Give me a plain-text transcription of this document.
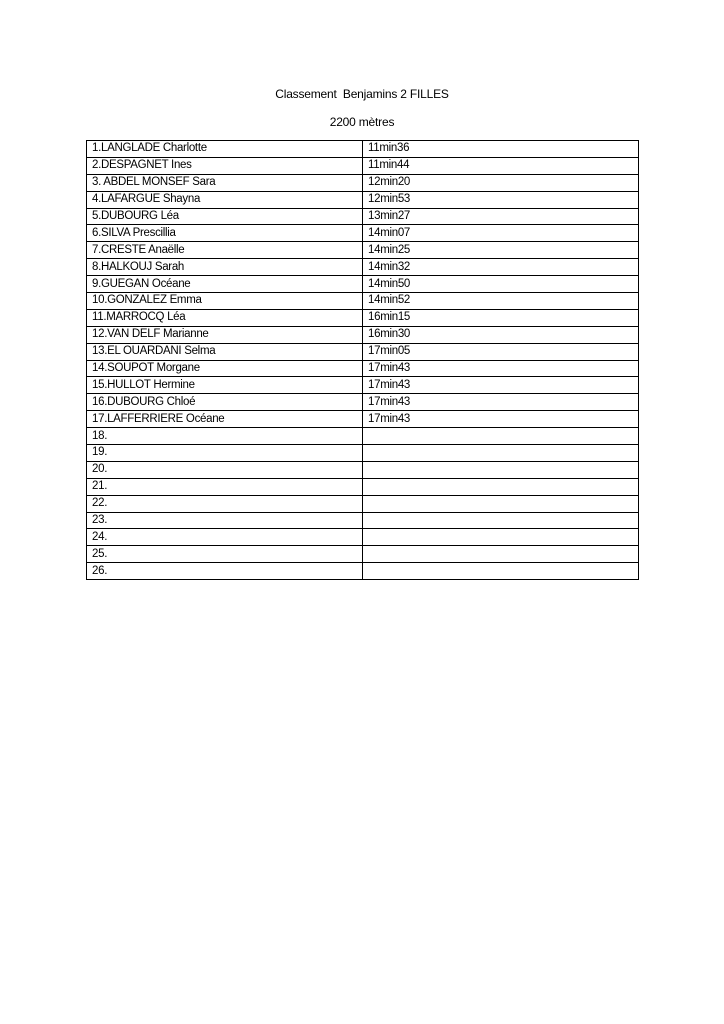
Classement  Benjamins 2 FILLES
2200 mètres
1.LANGLADE Charlotte	11min36
2.DESPAGNET Ines	11min44
3. ABDEL MONSEF Sara	12min20
4.LAFARGUE Shayna	12min53
5.DUBOURG Léa	13min27
6.SILVA Prescillia	14min07
7.CRESTE Anaëlle	14min25
8.HALKOUJ Sarah	14min32
9.GUEGAN Océane	14min50
10.GONZALEZ Emma	14min52
11.MARROCQ Léa	16min15
12.VAN DELF Marianne	16min30
13.EL OUARDANI Selma	17min05
14.SOUPOT Morgane	17min43
15.HULLOT Hermine	17min43
16.DUBOURG Chloé	17min43
17.LAFFERRIERE Océane	17min43
18.	
19.	
20.	
21.	
22.	
23.	
24.	
25.	
26.	
